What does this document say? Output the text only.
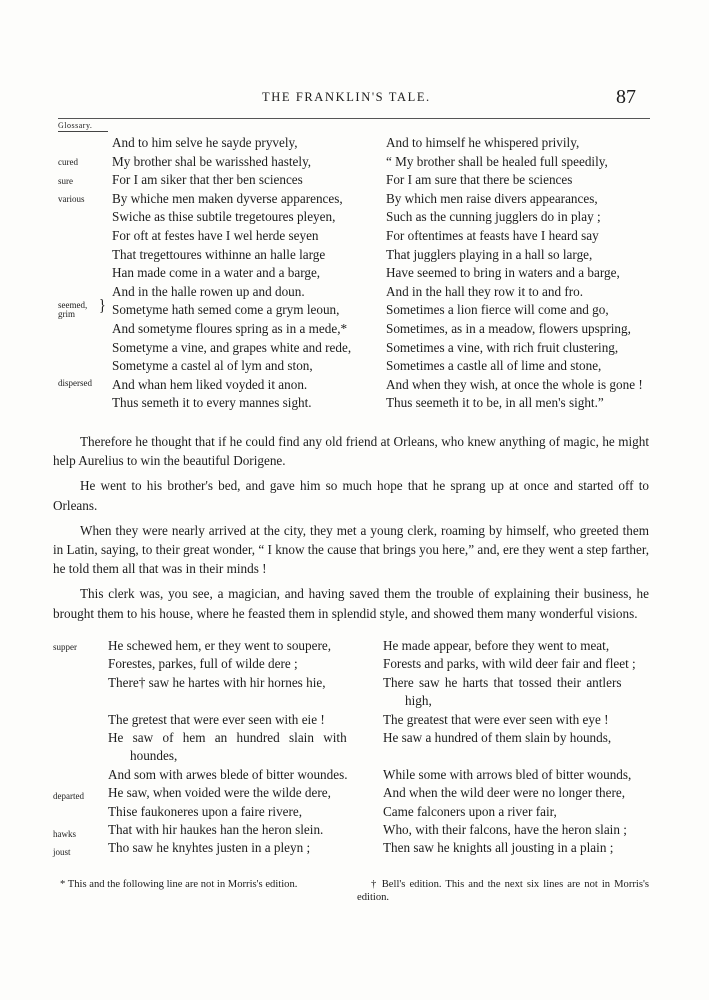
THE FRANKLIN'S TALE.	87
Glossary.
cured
sure
various
seemed,
grim }
dispersed
And to him selve he sayde pryvely,
My brother shal be warisshed hastely,
For I am siker that ther ben sciences
By whiche men maken dyverse apparences,
Swiche as thise subtile tregetoures pleyen,
For oft at festes have I wel herde seyen
That tregettoures withinne an halle large
Han made come in a water and a barge,
And in the halle rowen up and doun.
Sometyme hath semed come a grym leoun,
And sometyme floures spring as in a mede,*
Sometyme a vine, and grapes white and rede,
Sometyme a castel al of lym and ston,
And whan hem liked voyded it anon.
Thus semeth it to every mannes sight.
And to himself he whispered privily,
“ My brother shall be healed full speedily,
For I am sure that there be sciences
By which men raise divers appearances,
Such as the cunning jugglers do in play ;
For oftentimes at feasts have I heard say
That jugglers playing in a hall so large,
Have seemed to bring in waters and a barge,
And in the hall they row it to and fro.
Sometimes a lion fierce will come and go,
Sometimes, as in a meadow, flowers upspring,
Sometimes a vine, with rich fruit clustering,
Sometimes a castle all of lime and stone,
And when they wish, at once the whole is gone !
Thus seemeth it to be, in all men's sight.”

Therefore he thought that if he could find any old friend at Orleans, who knew anything of magic, he might help Aurelius to win the beautiful Dorigene.

He went to his brother's bed, and gave him so much hope that he sprang up at once and started off to Orleans.

When they were nearly arrived at the city, they met a young clerk, roaming by himself, who greeted them in Latin, saying, to their great wonder, “ I know the cause that brings you here,” and, ere they went a step farther, he told them all that was in their minds !

This clerk was, you see, a magician, and having saved them the trouble of explaining their business, he brought them to his house, where he feasted them in splendid style, and showed them many wonderful visions.

supper
departed
hawks
joust
He schewed hem, er they went to soupere,
Forestes, parkes, full of wilde dere ;
There† saw he hartes with hir hornes hie,
The gretest that were ever seen with eie !
He saw of hem an hundred slain with
houndes,
And som with arwes blede of bitter woundes.
He saw, when voided were the wilde dere,
Thise faukoneres upon a faire rivere,
That with hir haukes han the heron slein.
Tho saw he knyhtes justen in a pleyn ;
He made appear, before they went to meat,
Forests and parks, with wild deer fair and fleet ;
There saw he harts that tossed their antlers
high,
The greatest that were ever seen with eye !
He saw a hundred of them slain by hounds,
While some with arrows bled of bitter wounds,
And when the wild deer were no longer there,
Came falconers upon a river fair,
Who, with their falcons, have the heron slain ;
Then saw he knights all jousting in a plain ;
* This and the following line are not in Morris's edition.	† Bell's edition. This and the next six lines are not in Morris's edition.
